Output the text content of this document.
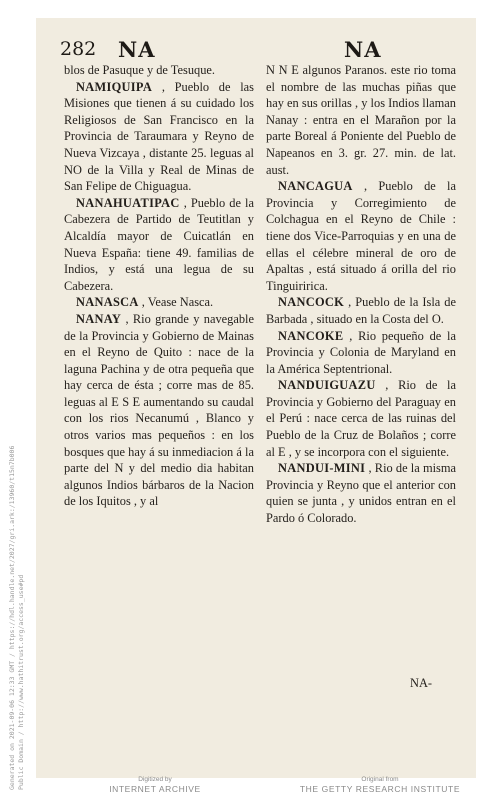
Generated on 2021-09-06 12:33 GMT / https://hdl.handle.net/2027/gri.ark:/13960/t15n7b006 Public Domain / http://www.hathitrust.org/access_use#pd
282 NA	NA

blos de Pasuque y de Tesuque.

NAMIQUIPA , Pueblo de las Misiones que tienen á su cuidado los Religiosos de San Francisco en la Provincia de Taraumara y Reyno de Nueva Vizcaya , distante 25. leguas al NO de la Villa y Real de Minas de San Felipe de Chiguagua.

NANAHUATIPAC , Pueblo de la Cabezera de Partido de Teutitlan y Alcaldía mayor de Cuicatlán en Nueva España: tiene 49. familias de Indios, y está una legua de su Cabezera.

NANASCA , Vease Nasca.

NANAY , Rio grande y navegable de la Provincia y Gobierno de Mainas en el Reyno de Quito : nace de la laguna Pachina y de otra pequeña que hay cerca de ésta ; corre mas de 85. leguas al E S E aumentando su caudal con los rios Necanumú , Blanco y otros varios mas pequeños : en los bosques que hay á su inmediacion á la parte del N y del medio dia habitan algunos Indios bárbaros de la Nacion de los Iquitos , y al

N N E algunos Paranos. este rio toma el nombre de las muchas piñas que hay en sus orillas , y los Indios llaman Nanay : entra en el Marañon por la parte Boreal á Poniente del Pueblo de Napeanos en 3. gr. 27. min. de lat. aust.

NANCAGUA , Pueblo de la Provincia y Corregimiento de Colchagua en el Reyno de Chile : tiene dos Vice-Parroquias y en una de ellas el célebre mineral de oro de Apaltas , está situado á orilla del rio Tinguiririca.

NANCOCK , Pueblo de la Isla de Barbada , situado en la Costa del O.

NANCOKE , Rio pequeño de la Provincia y Colonia de Maryland en la América Septentrional.

NANDUIGUAZU , Rio de la Provincia y Gobierno del Paraguay en el Perú : nace cerca de las ruinas del Pueblo de la Cruz de Bolaños ; corre al E , y se incorpora con el siguiente.

NANDUI-MINI , Rio de la misma Provincia y Reyno que el anterior con quien se junta , y unidos entran en el Pardo ó Colorado.

NA-
Digitized by
INTERNET ARCHIVE
Original from
THE GETTY RESEARCH INSTITUTE
